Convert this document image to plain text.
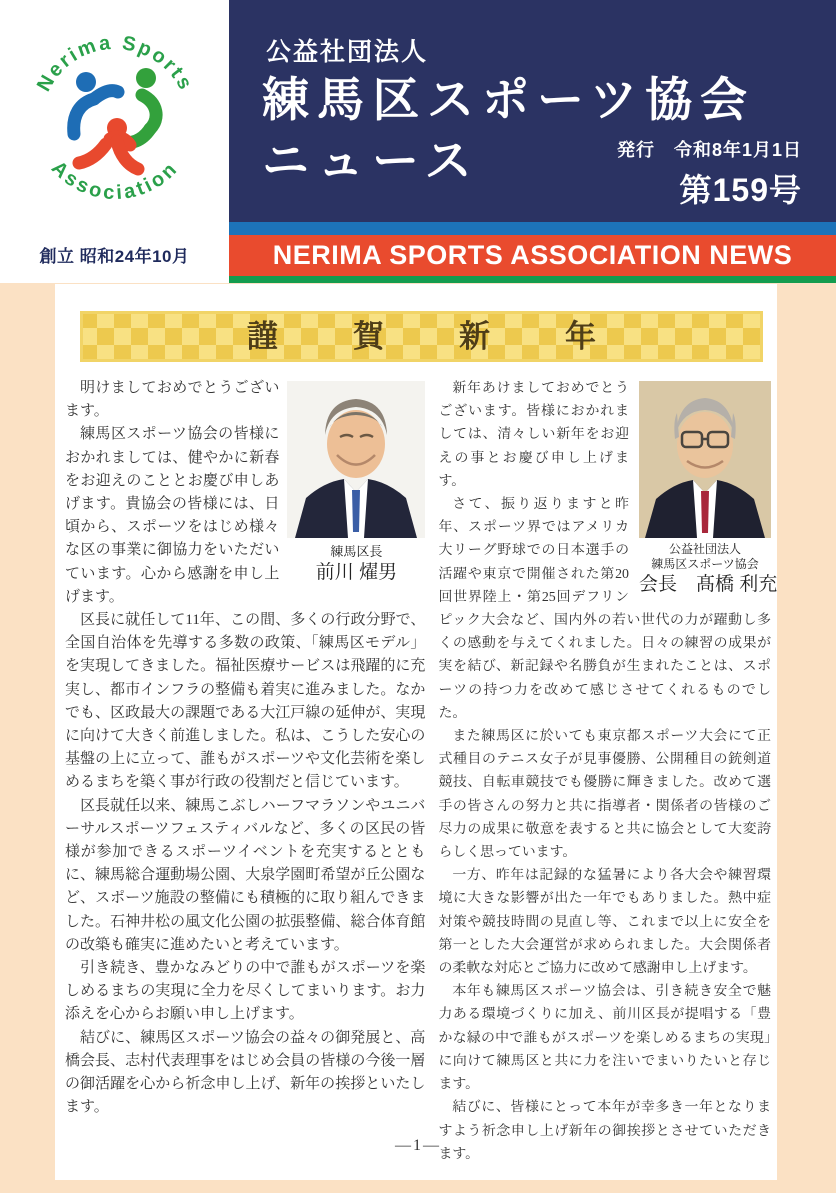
Nerima Sports
Association
創立 昭和24年10月
公益社団法人
練馬区スポーツ協会
ニュース	発行　令和8年1月1日
第159号
NERIMA SPORTS ASSOCIATION NEWS
謹　賀　新　年
練馬区長
前川 燿男

明けましておめでとうございます。

練馬区スポーツ協会の皆様におかれましては、健やかに新春をお迎えのこととお慶び申しあげます。貴協会の皆様には、日頃から、スポーツをはじめ様々な区の事業に御協力をいただいています。心から感謝を申し上げます。

区長に就任して11年、この間、多くの行政分野で、全国自治体を先導する多数の政策、「練馬区モデル」を実現してきました。福祉医療サービスは飛躍的に充実し、都市インフラの整備も着実に進みました。なかでも、区政最大の課題である大江戸線の延伸が、実現に向けて大きく前進しました。私は、こうした安心の基盤の上に立って、誰もがスポーツや文化芸術を楽しめるまちを築く事が行政の役割だと信じています。

区長就任以来、練馬こぶしハーフマラソンやユニバーサルスポーツフェスティバルなど、多くの区民の皆様が参加できるスポーツイベントを充実するとともに、練馬総合運動場公園、大泉学園町希望が丘公園など、スポーツ施設の整備にも積極的に取り組んできました。石神井松の風文化公園の拡張整備、総合体育館の改築も確実に進めたいと考えています。

引き続き、豊かなみどりの中で誰もがスポーツを楽しめるまちの実現に全力を尽くしてまいります。お力添えを心からお願い申し上げます。

結びに、練馬区スポーツ協会の益々の御発展と、高橋会長、志村代表理事をはじめ会員の皆様の今後一層の御活躍を心から祈念申し上げ、新年の挨拶といたします。

公益社団法人
練馬区スポーツ協会
会長　髙橋 利充

新年あけましておめでとうございます。皆様におかれましては、清々しい新年をお迎えの事とお慶び申し上げます。

さて、振り返りますと昨年、スポーツ界ではアメリカ大リーグ野球での日本選手の活躍や東京で開催された第20回世界陸上・第25回デフリンピック大会など、国内外の若い世代の力が躍動し多くの感動を与えてくれました。日々の練習の成果が実を結び、新記録や名勝負が生まれたことは、スポーツの持つ力を改めて感じさせてくれるものでした。

また練馬区に於いても東京都スポーツ大会にて正式種目のテニス女子が見事優勝、公開種目の銃剣道競技、自転車競技でも優勝に輝きました。改めて選手の皆さんの努力と共に指導者・関係者の皆様のご尽力の成果に敬意を表すると共に協会として大変誇らしく思っています。

一方、昨年は記録的な猛暑により各大会や練習環境に大きな影響が出た一年でもありました。熱中症対策や競技時間の見直し等、これまで以上に安全を第一とした大会運営が求められました。大会関係者の柔軟な対応とご協力に改めて感謝申し上げます。

本年も練馬区スポーツ協会は、引き続き安全で魅力ある環境づくりに加え、前川区長が提唱する「豊かな緑の中で誰もがスポーツを楽しめるまちの実現」に向けて練馬区と共に力を注いでまいりたいと存じます。

結びに、皆様にとって本年が幸多き一年となりますよう祈念申し上げ新年の御挨拶とさせていただきます。

—1—
